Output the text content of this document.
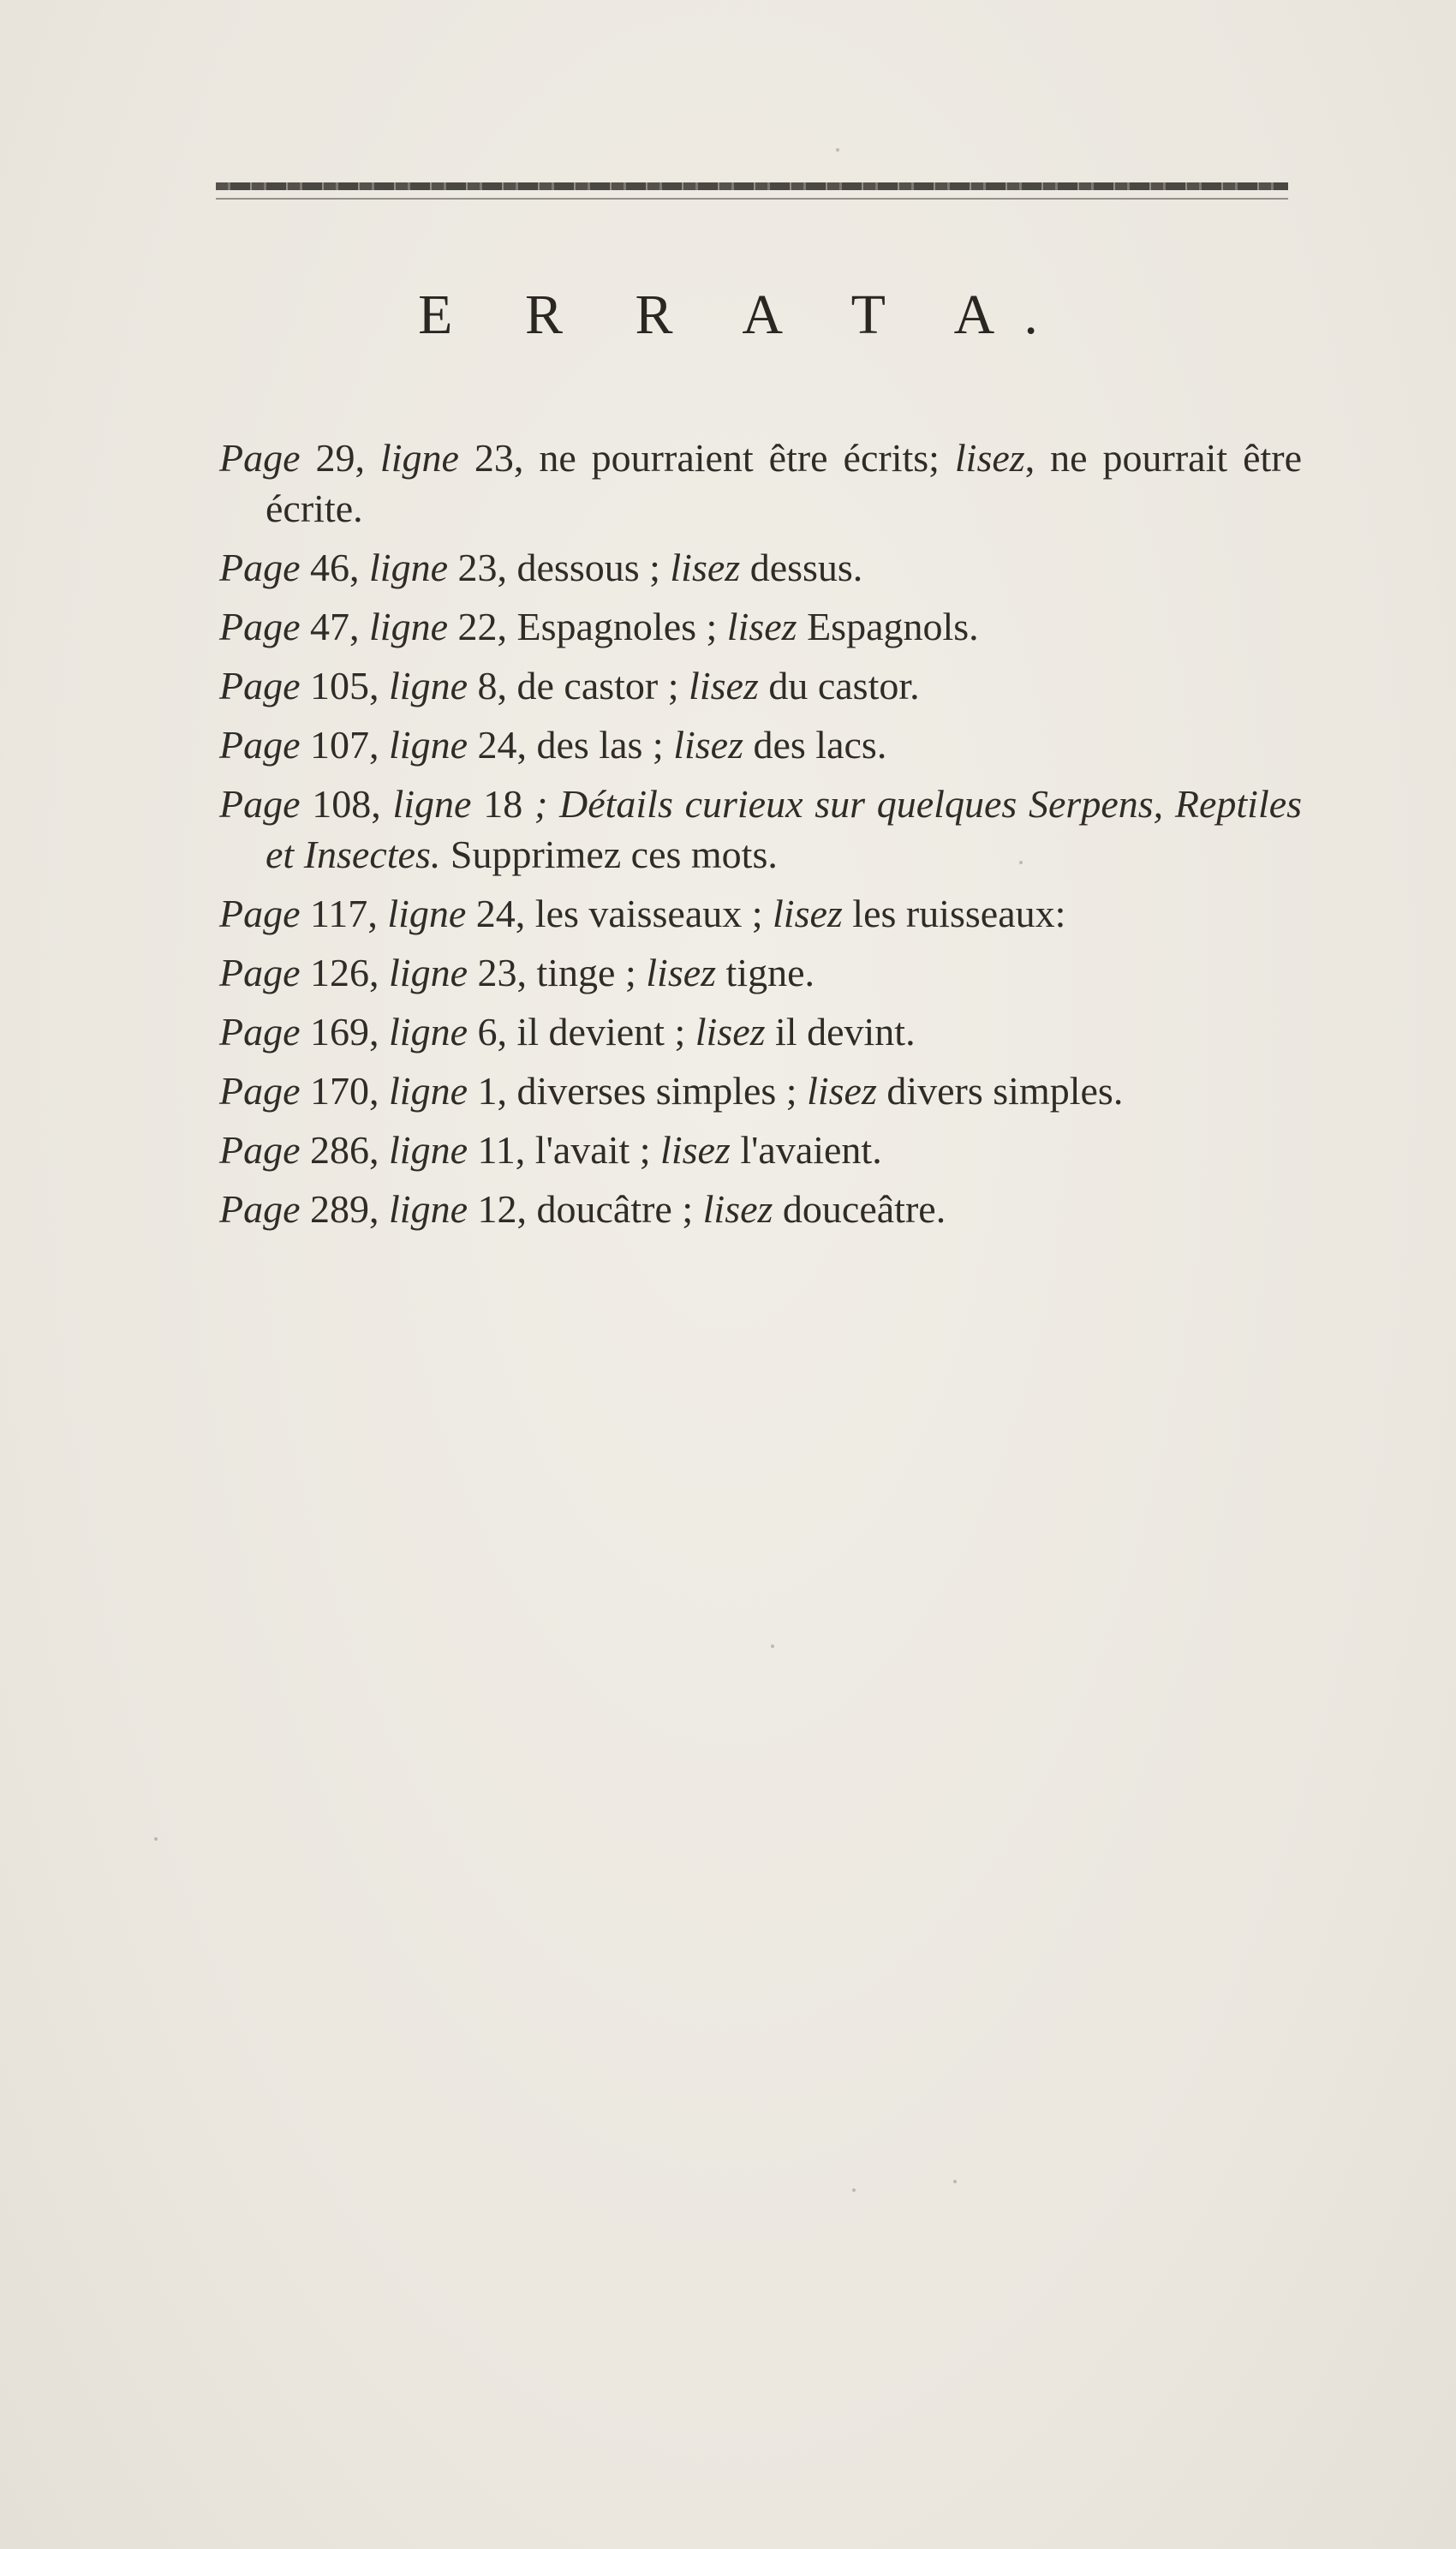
E R R A T A.

Page 29, ligne 23, ne pourraient être écrits; lisez, ne pourrait être écrite.

Page 46, ligne 23, dessous ; lisez dessus.

Page 47, ligne 22, Espagnoles ; lisez Espagnols.

Page 105, ligne 8, de castor ; lisez du castor.

Page 107, ligne 24, des las ; lisez des lacs.

Page 108, ligne 18 ; Détails curieux sur quelques Serpens, Reptiles et Insectes. Supprimez ces mots.

Page 117, ligne 24, les vaisseaux ; lisez les ruisseaux:

Page 126, ligne 23, tinge ; lisez tigne.

Page 169, ligne 6, il devient ; lisez il devint.

Page 170, ligne 1, diverses simples ; lisez divers simples.

Page 286, ligne 11, l'avait ; lisez l'avaient.

Page 289, ligne 12, doucâtre ; lisez douceâtre.
